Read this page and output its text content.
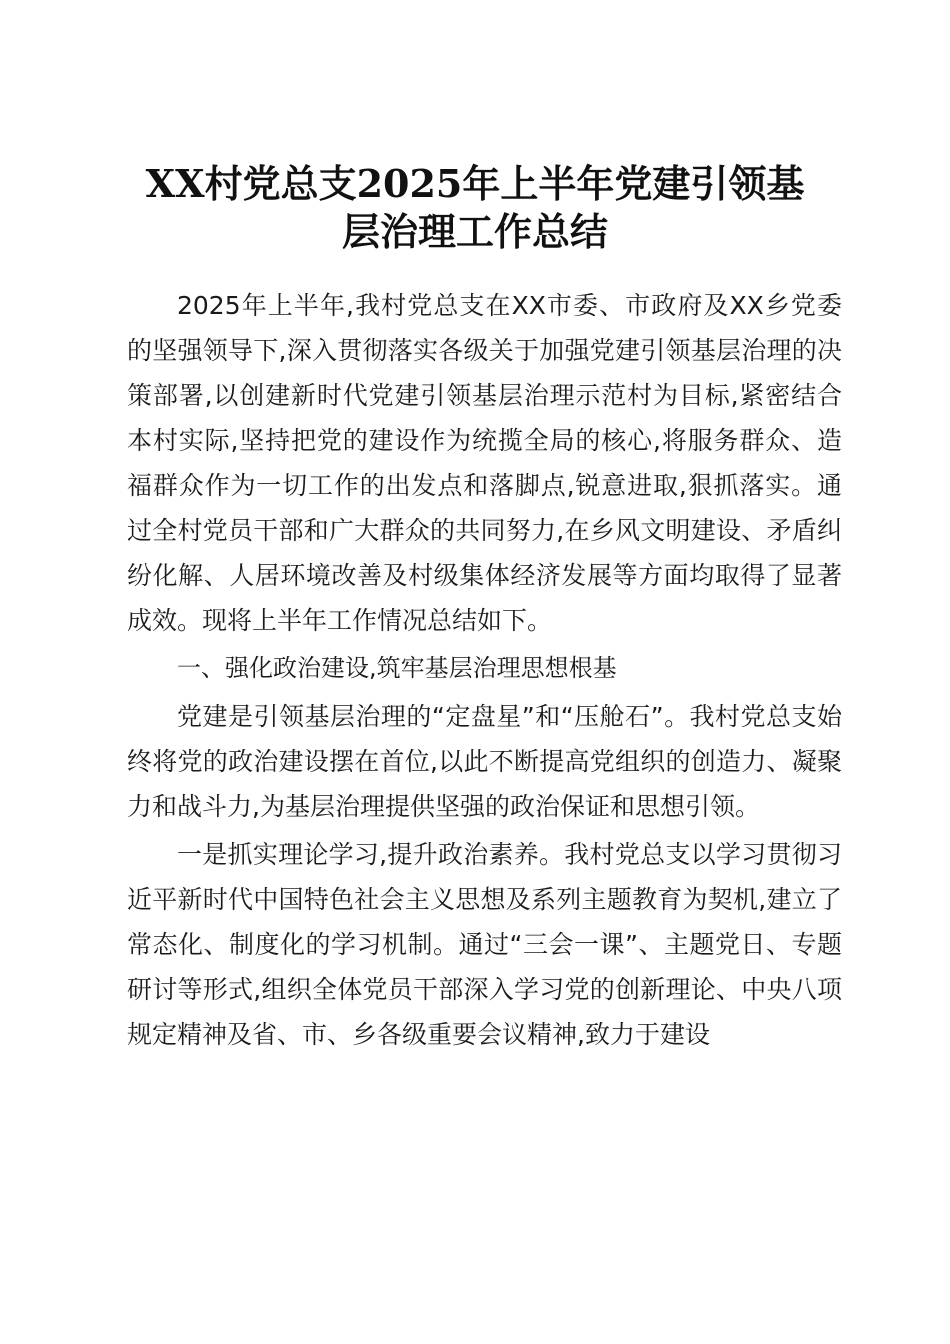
XX村党总支2025年上半年党建引领基
层治理工作总结

2025年上半年,我村党总支在XX市委、市政府及XX乡党委的坚强领导下,深入贯彻落实各级关于加强党建引领基层治理的决策部署,以创建新时代党建引领基层治理示范村为目标,紧密结合本村实际,坚持把党的建设作为统揽全局的核心,将服务群众、造福群众作为一切工作的出发点和落脚点,锐意进取,狠抓落实。通过全村党员干部和广大群众的共同努力,在乡风文明建设、矛盾纠纷化解、人居环境改善及村级集体经济发展等方面均取得了显著成效。现将上半年工作情况总结如下。

一、强化政治建设,筑牢基层治理思想根基

党建是引领基层治理的“定盘星”和“压舱石”。我村党总支始终将党的政治建设摆在首位,以此不断提高党组织的创造力、凝聚力和战斗力,为基层治理提供坚强的政治保证和思想引领。

一是抓实理论学习,提升政治素养。我村党总支以学习贯彻习近平新时代中国特色社会主义思想及系列主题教育为契机,建立了常态化、制度化的学习机制。通过“三会一课”、主题党日、专题研讨等形式,组织全体党员干部深入学习党的创新理论、中央八项规定精神及省、市、乡各级重要会议精神,致力于建设
